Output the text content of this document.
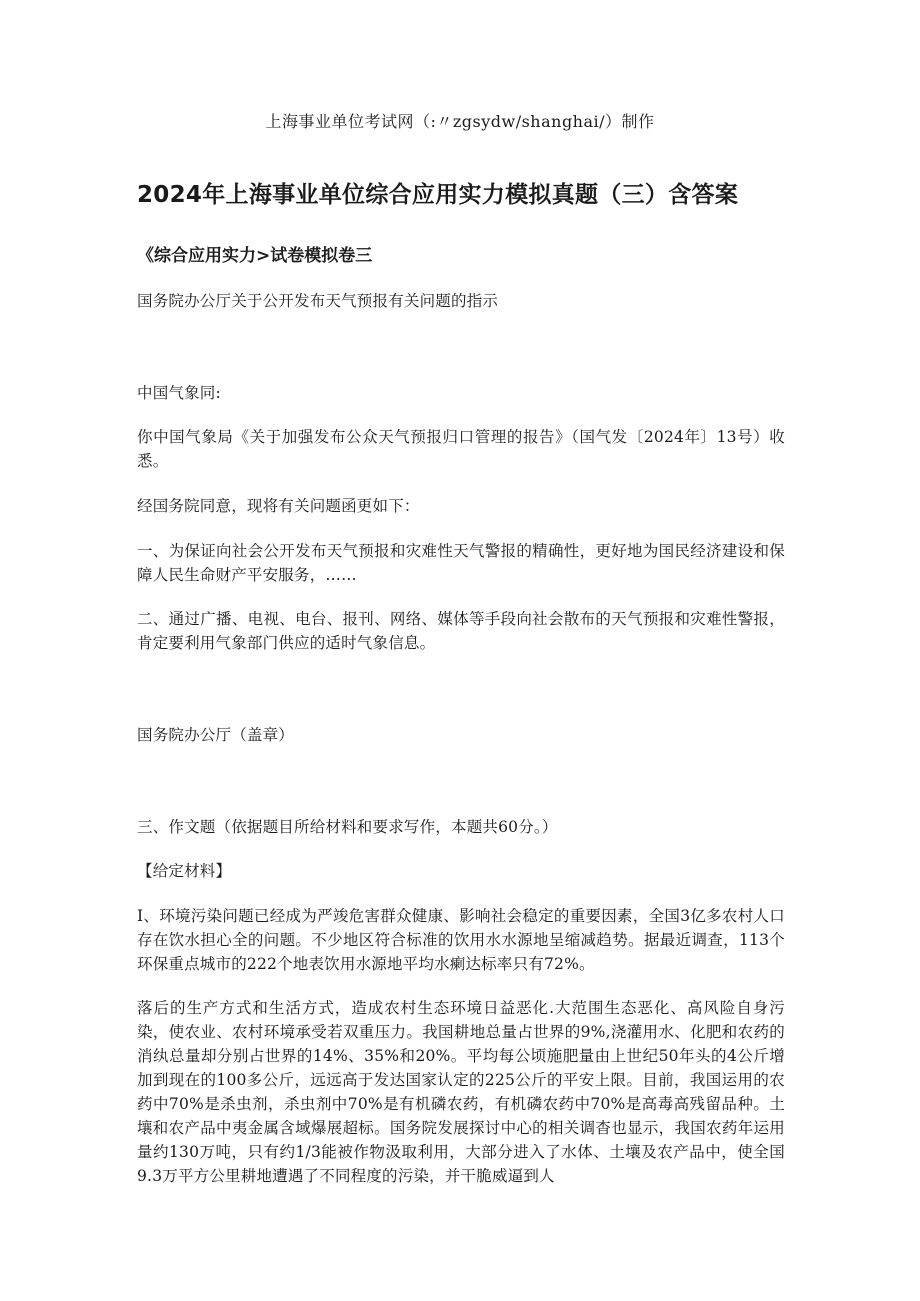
上海事业单位考试网（:〃zgsydw/shanghai/）制作
2024年上海事业单位综合应用实力模拟真题（三）含答案
《综合应用实力>试卷模拟卷三
国务院办公厅关于公开发布天气预报有关问题的指示
中国气象同:
你中国气象局《关于加强发布公众天气预报归口管理的报告》（国气发〔2024年〕13号）收悉。
经国务院同意，现将有关问题函更如下：
一、为保证向社会公开发布天气预报和灾难性天气警报的精确性，更好地为国民经济建设和保障人民生命财产平安服务，……
二、通过广播、电视、电台、报刊、网络、媒体等手段向社会散布的天气预报和灾难性警报，肯定要利用气象部门供应的适时气象信息。
国务院办公厅（盖章）
三、作文题（依据题目所给材料和要求写作，本题共60分。）
【给定材料】
I、环境污染问题已经成为严竣危害群众健康、影响社会稳定的重要因素，全国3亿多农村人口存在饮水担心全的问题。不少地区符合标准的饮用水水源地呈缩减趋势。据最近调查，113个环保重点城市的222个地表饮用水源地平均水瘌达标率只有72%。
落后的生产方式和生活方式，造成农村生态环境日益恶化.大范围生态恶化、高风险自身污染，使农业、农村环境承受若双重压力。我国耕地总量占世界的9%,浇灌用水、化肥和农药的消纨总量却分别占世界的14%、35%和20%。平均每公顷施肥量由上世纪50年头的4公斤增加到现在的100多公斤，远远高于发达国家认定的225公斤的平安上限。目前，我国运用的农药中70%是杀虫剂，杀虫剂中70%是有机磷农药，有机磷农药中70%是高毒高残留品种。土壤和农产品中夷金属含域爆展超标。国务院发展探讨中心的相关调杳也显示，我国农药年运用量约130万吨，只有约1/3能被作物汲取利用，大部分进入了水体、土壤及农产品中，使全国9.3万平方公里耕地遭遇了不同程度的污染，并干脆威逼到人
